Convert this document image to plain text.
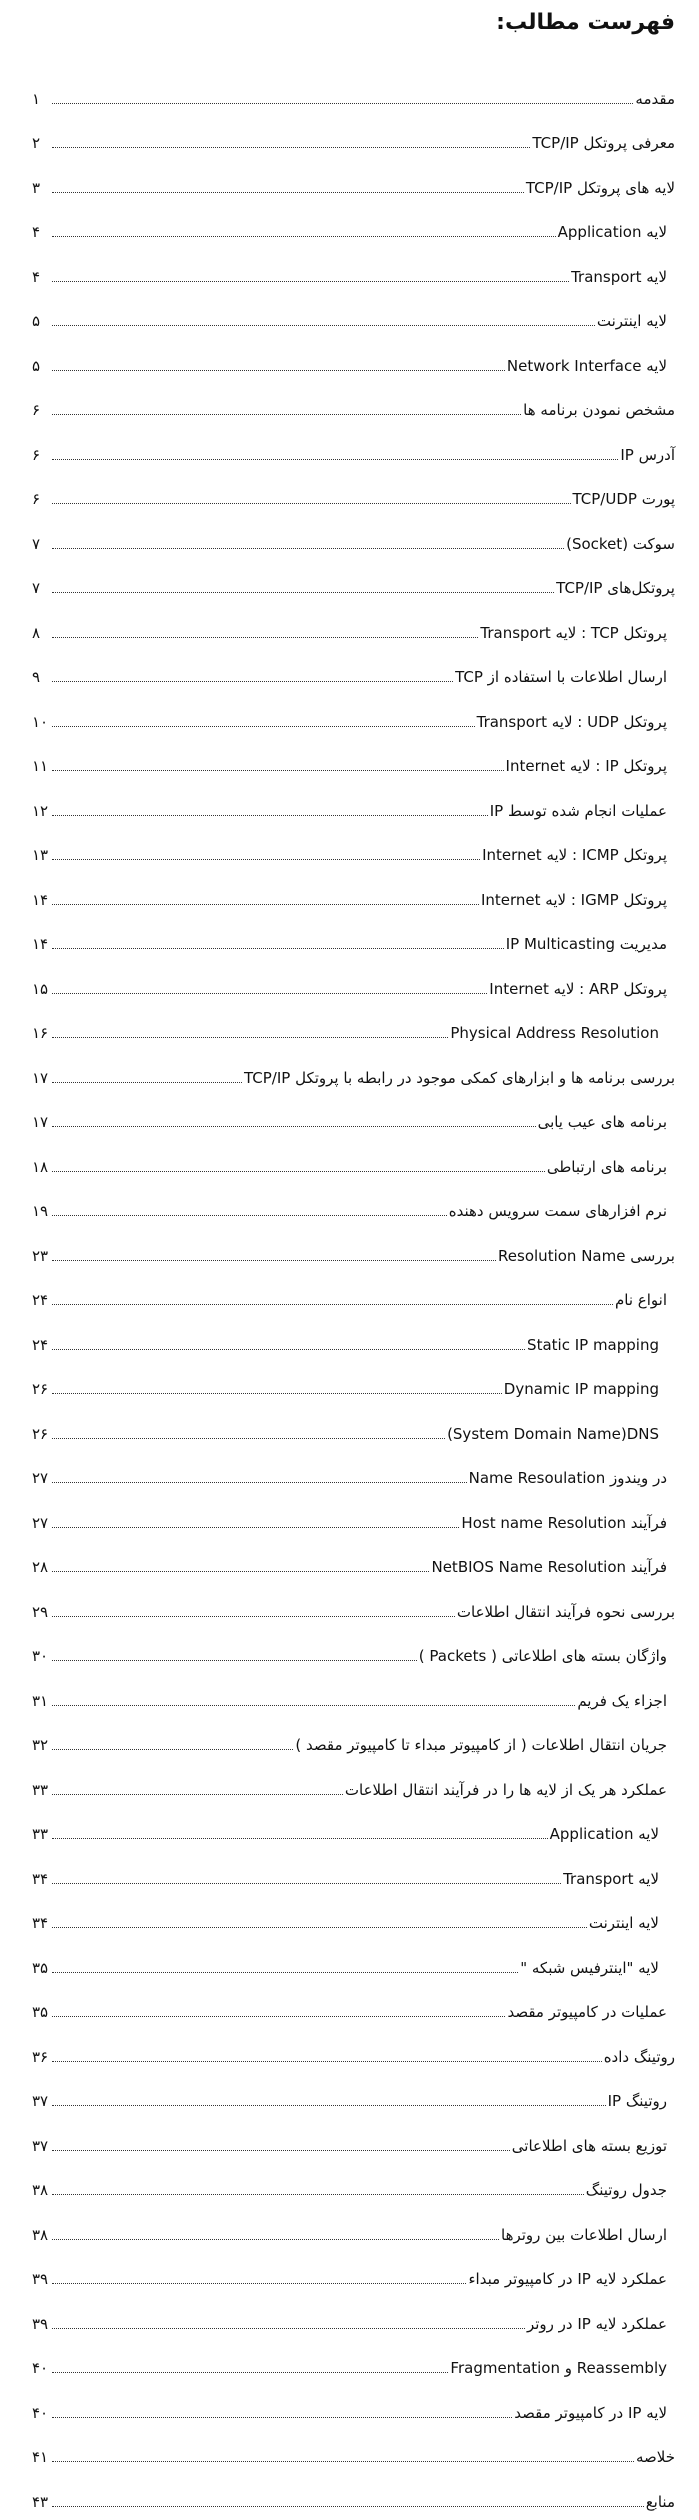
فهرست مطالب:
مقدمه
۱
معرفی پروتکل TCP/IP
۲
لایه های پروتکل TCP/IP
۳
لایه Application
۴
لایه Transport
۴
لایه اینترنت
۵
لایه Network Interface
۵
مشخص نمودن برنامه ها
۶
آدرس IP
۶
پورت TCP/UDP
۶
سوکت (Socket)
۷
پروتکل‌های TCP/IP
۷
پروتکل TCP : لایه Transport
۸
ارسال اطلاعات با استفاده از TCP
۹
پروتکل UDP : لایه Transport
۱۰
پروتکل IP : لایه Internet
۱۱
عملیات انجام شده توسط IP
۱۲
پروتکل ICMP : لایه Internet
۱۳
پروتکل IGMP : لایه Internet
۱۴
مدیریت IP Multicasting
۱۴
پروتکل ARP : لایه Internet
۱۵
Physical Address Resolution
۱۶
بررسی برنامه ها و ابزارهای کمکی موجود در رابطه با پروتکل TCP/IP
۱۷
برنامه های عیب یابی
۱۷
برنامه های ارتباطی
۱۸
نرم افزارهای سمت سرویس دهنده
۱۹
بررسی Resolution Name
۲۳
انواع نام
۲۴
Static IP mapping
۲۴
Dynamic IP mapping
۲۶
(System Domain Name)DNS
۲۶
Name Resoulation در ویندوز
۲۷
فرآیند Host name Resolution
۲۷
فرآیند NetBIOS Name Resolution
۲۸
بررسی نحوه فرآیند انتقال اطلاعات
۲۹
واژگان بسته های اطلاعاتی ( Packets )
۳۰
اجزاء یک فریم
۳۱
جریان انتقال اطلاعات ( از کامپیوتر مبداء تا کامپیوتر مقصد )
۳۲
عملکرد هر یک از لایه ها را در فرآیند انتقال اطلاعات
۳۳
لایه Application
۳۳
لایه Transport
۳۴
لایه اینترنت
۳۴
لایه "اینترفیس شبکه "
۳۵
عملیات در کامپیوتر مقصد
۳۵
روتینگ داده
۳۶
روتینگ IP
۳۷
توزیع بسته های اطلاعاتی
۳۷
جدول روتینگ
۳۸
ارسال اطلاعات بین روترها
۳۸
عملکرد لایه IP در کامپیوتر مبداء
۳۹
عملکرد لایه IP در روتر
۳۹
Fragmentation و Reassembly
۴۰
لایه IP در کامپیوتر مقصد
۴۰
خلاصه
۴۱
منابع
۴۳
